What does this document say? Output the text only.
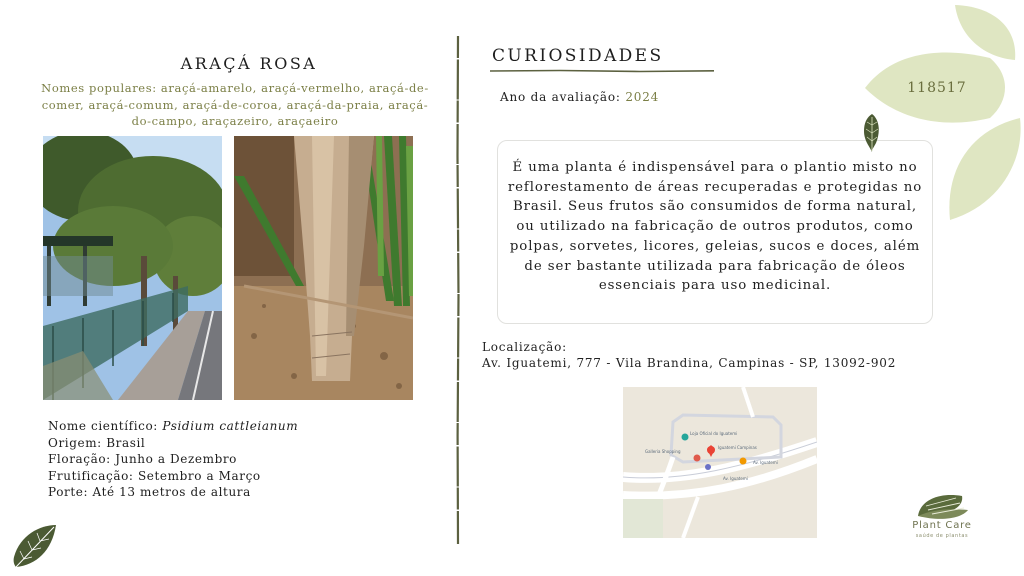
ARAÇÁ ROSA
Nomes populares: araçá-amarelo, araçá-vermelho, araçá-de-comer, araçá-comum, araçá-de-coroa, araçá-da-praia, araçá-do-campo, araçazeiro, araçaeiro
Nome científico: Psidium cattleianum
Origem: Brasil
Floração: Junho a Dezembro
Frutificação: Setembro a Março
Porte: Até 13 metros de altura
CURIOSIDADES
Ano da avaliação: 2024
É uma planta é indispensável para o plantio misto no reflorestamento de áreas recuperadas e protegidas no Brasil. Seus frutos são consumidos de forma natural, ou utilizado na fabricação de outros produtos, como polpas, sorvetes, licores, geleias, sucos e doces, além de ser bastante utilizada para fabricação de óleos essenciais para uso medicinal.
Localização:
Av. Iguatemi, 777 - Vila Brandina, Campinas - SP, 13092-902
Iguatemi Campinas
Loja Oficial do Iguatemi
Galleria Shopping
Av. Iguatemi
Av. Iguatemi
118517
Plant Care
saúde de plantas
